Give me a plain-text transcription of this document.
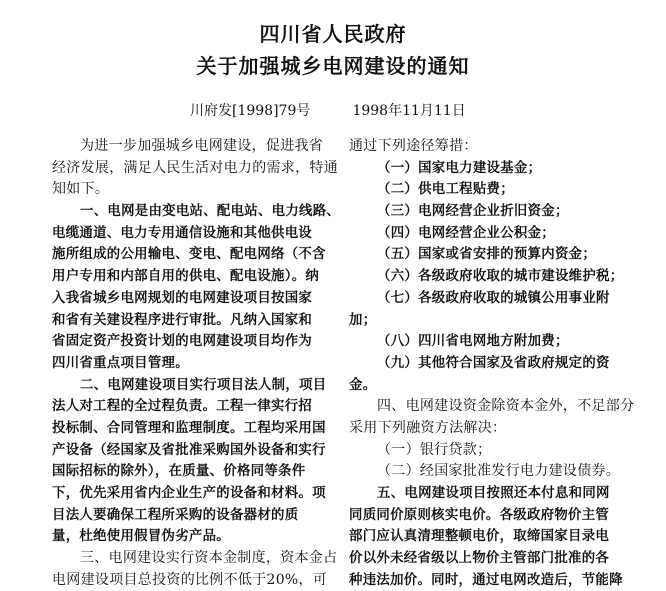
四川省人民政府
关于加强城乡电网建设的通知
川府发[1998]79号	1998年11月11日
为进一步加强城乡电网建设，促进我省
经济发展，满足人民生活对电力的需求，特通
知如下。
一、电网是由变电站、配电站、电力线路、
电缆通道、电力专用通信设施和其他供电设
施所组成的公用输电、变电、配电网络（不含
用户专用和内部自用的供电、配电设施）。纳
入我省城乡电网规划的电网建设项目按国家
和省有关建设程序进行审批。凡纳入国家和
省固定资产投资计划的电网建设项目均作为
四川省重点项目管理。
二、电网建设项目实行项目法人制，项目
法人对工程的全过程负责。工程一律实行招
投标制、合同管理和监理制度。工程均采用国
产设备（经国家及省批准采购国外设备和实行
国际招标的除外），在质量、价格同等条件
下，优先采用省内企业生产的设备和材料。项
目法人要确保工程所采购的设备器材的质
量，杜绝使用假冒伪劣产品。
三、电网建设实行资本金制度，资本金占
电网建设项目总投资的比例不低于20%，可
通过下列途径筹措：
（一）国家电力建设基金；
（二）供电工程贴费；
（三）电网经营企业折旧资金；
（四）电网经营企业公积金；
（五）国家或省安排的预算内资金；
（六）各级政府收取的城市建设维护税；
（七）各级政府收取的城镇公用事业附
加；
（八）四川省电网地方附加费；
（九）其他符合国家及省政府规定的资
金。
四、电网建设资金除资本金外，不足部分
采用下列融资方法解决：
（一）银行贷款；
（二）经国家批准发行电力建设债券。
五、电网建设项目按照还本付息和同网
同质同价原则核实电价。各级政府物价主管
部门应认真清理整顿电价，取缔国家目录电
价以外未经省级以上物价主管部门批准的各
种违法加价。同时，通过电网改造后，节能降
